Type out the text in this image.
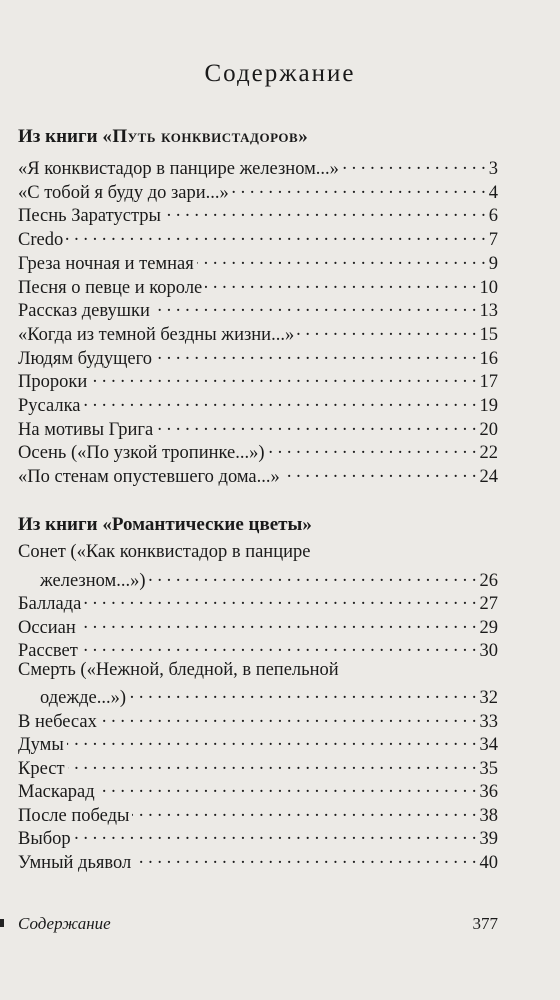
Содержание
Из книги «Путь конквистадоров»
«Я конквистадор в панцире железном...» . . .	3
«С тобой я буду до зари...» . . .	4
Песнь Заратустры . . .	6
Credo . . .	7
Греза ночная и темная . . .	9
Песня о певце и короле . . .	10
Рассказ девушки . . .	13
«Когда из темной бездны жизни...» . . .	15
Людям будущего . . .	16
Пророки . . .	17
Русалка . . .	19
На мотивы Грига . . .	20
Осень («По узкой тропинке...») . . .	22
«По стенам опустевшего дома...» . . .	24
Из книги «Романтические цветы»
Сонет («Как конквистадор в панцире
железном...») . . .	26
Баллада . . .	27
Оссиан . . .	29
Рассвет . . .	30
Смерть («Нежной, бледной, в пепельной
одежде...») . . .	32
В небесах . . .	33
Думы . . .	34
Крест . . .	35
Маскарад . . .	36
После победы . . .	38
Выбор . . .	39
Умный дьявол . . .	40
Содержание	377
